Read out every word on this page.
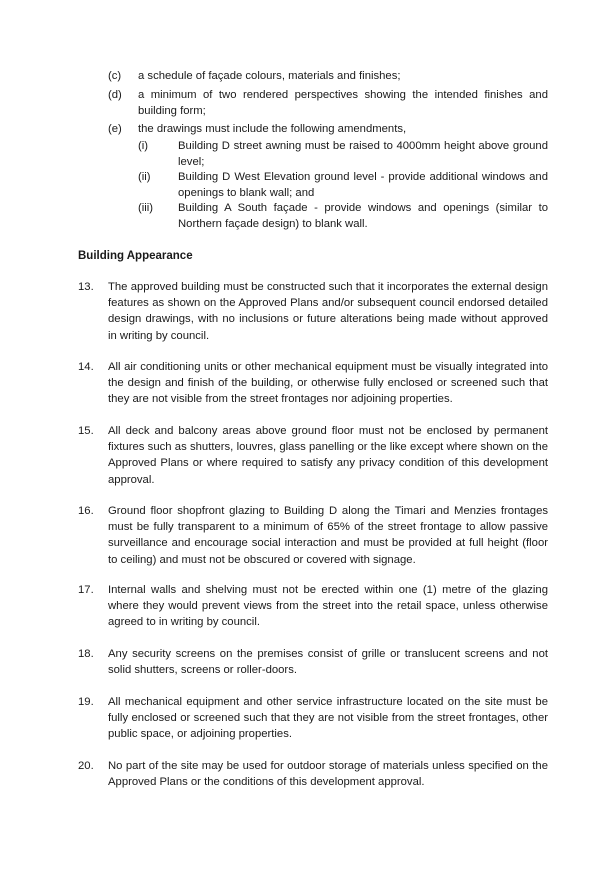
(c) a schedule of façade colours, materials and finishes;
(d) a minimum of two rendered perspectives showing the intended finishes and building form;
(e) the drawings must include the following amendments,
(i)	Building D street awning must be raised to 4000mm height above ground level;
(ii) Building D West Elevation ground level - provide additional windows and openings to blank wall; and
(iii) Building A South façade - provide windows and openings (similar to Northern façade design) to blank wall.
Building Appearance
13. The approved building must be constructed such that it incorporates the external design features as shown on the Approved Plans and/or subsequent council endorsed detailed design drawings, with no inclusions or future alterations being made without approved in writing by council.
14. All air conditioning units or other mechanical equipment must be visually integrated into the design and finish of the building, or otherwise fully enclosed or screened such that they are not visible from the street frontages nor adjoining properties.
15. All deck and balcony areas above ground floor must not be enclosed by permanent fixtures such as shutters, louvres, glass panelling or the like except where shown on the Approved Plans or where required to satisfy any privacy condition of this development approval.
16. Ground floor shopfront glazing to Building D along the Timari and Menzies frontages must be fully transparent to a minimum of 65% of the street frontage to allow passive surveillance and encourage social interaction and must be provided at full height (floor to ceiling) and must not be obscured or covered with signage.
17. Internal walls and shelving must not be erected within one (1) metre of the glazing where they would prevent views from the street into the retail space, unless otherwise agreed to in writing by council.
18. Any security screens on the premises consist of grille or translucent screens and not solid shutters, screens or roller-doors.
19. All mechanical equipment and other service infrastructure located on the site must be fully enclosed or screened such that they are not visible from the street frontages, other public space, or adjoining properties.
20. No part of the site may be used for outdoor storage of materials unless specified on the Approved Plans or the conditions of this development approval.
